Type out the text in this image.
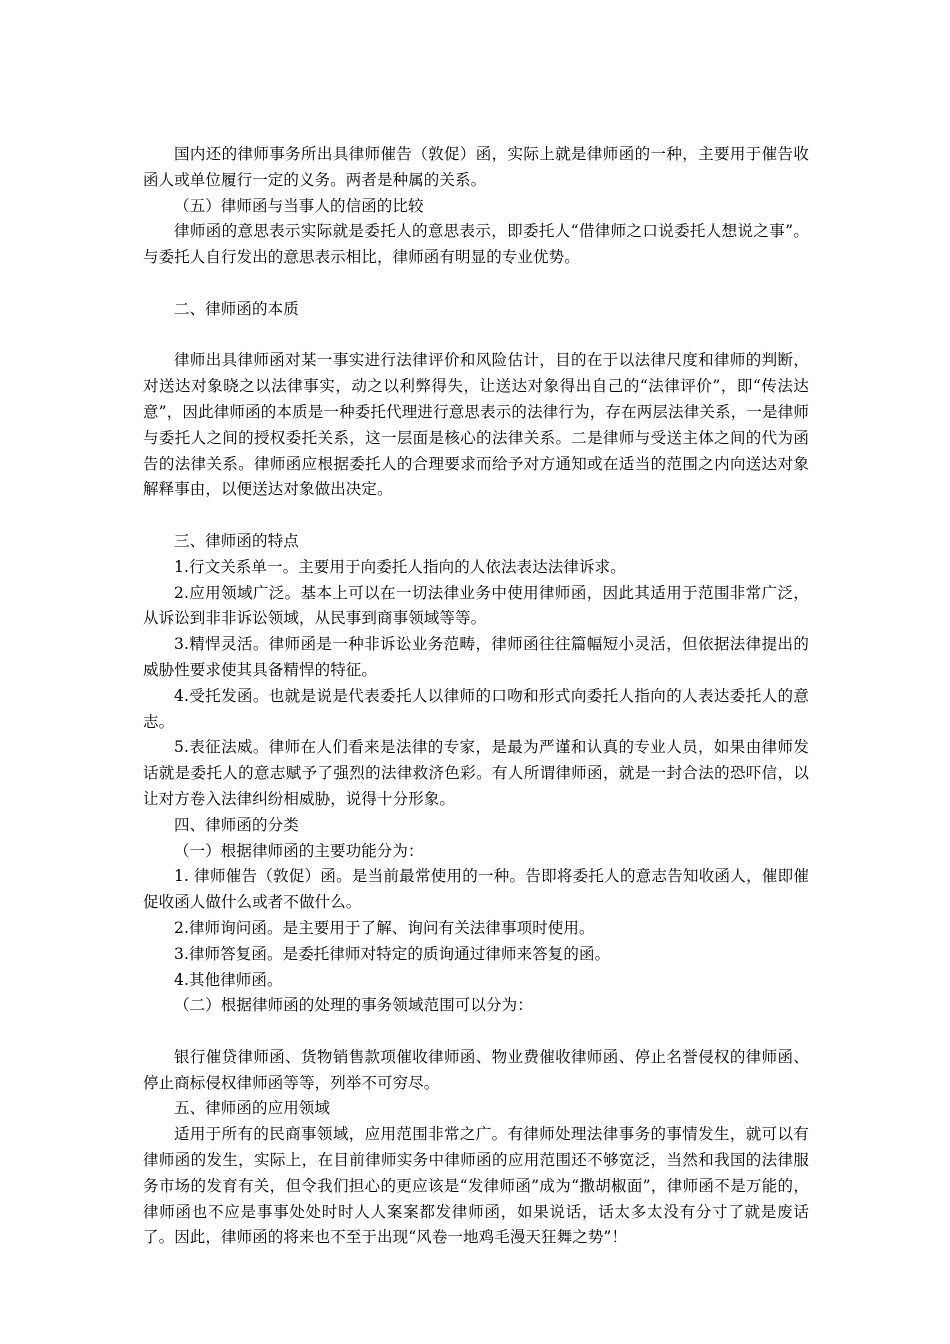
国内还的律师事务所出具律师催告（敦促）函，实际上就是律师函的一种，主要用于催告收函人或单位履行一定的义务。两者是种属的关系。

（五）律师函与当事人的信函的比较

律师函的意思表示实际就是委托人的意思表示，即委托人“借律师之口说委托人想说之事”。与委托人自行发出的意思表示相比，律师函有明显的专业优势。

二、律师函的本质

律师出具律师函对某一事实进行法律评价和风险估计，目的在于以法律尺度和律师的判断，对送达对象晓之以法律事实，动之以利弊得失，让送达对象得出自己的“法律评价”，即“传法达意”，因此律师函的本质是一种委托代理进行意思表示的法律行为，存在两层法律关系，一是律师与委托人之间的授权委托关系，这一层面是核心的法律关系。二是律师与受送主体之间的代为函告的法律关系。律师函应根据委托人的合理要求而给予对方通知或在适当的范围之内向送达对象解释事由，以便送达对象做出决定。

三、律师函的特点

1.行文关系单一。主要用于向委托人指向的人依法表达法律诉求。

2.应用领域广泛。基本上可以在一切法律业务中使用律师函，因此其适用于范围非常广泛，从诉讼到非非诉讼领域，从民事到商事领域等等。

3.精悍灵活。律师函是一种非诉讼业务范畴，律师函往往篇幅短小灵活，但依据法律提出的威胁性要求使其具备精悍的特征。

4.受托发函。也就是说是代表委托人以律师的口吻和形式向委托人指向的人表达委托人的意志。

5.表征法威。律师在人们看来是法律的专家，是最为严谨和认真的专业人员，如果由律师发话就是委托人的意志赋予了强烈的法律救济色彩。有人所谓律师函，就是一封合法的恐吓信，以让对方卷入法律纠纷相威胁，说得十分形象。

四、律师函的分类

（一）根据律师函的主要功能分为：

1. 律师催告（敦促）函。是当前最常使用的一种。告即将委托人的意志告知收函人，催即催促收函人做什么或者不做什么。

2.律师询问函。是主要用于了解、询问有关法律事项时使用。

3.律师答复函。是委托律师对特定的质询通过律师来答复的函。

4.其他律师函。

（二）根据律师函的处理的事务领域范围可以分为：

银行催贷律师函、货物销售款项催收律师函、物业费催收律师函、停止名誉侵权的律师函、停止商标侵权律师函等等，列举不可穷尽。

五、律师函的应用领域

适用于所有的民商事领域，应用范围非常之广。有律师处理法律事务的事情发生，就可以有律师函的发生，实际上，在目前律师实务中律师函的应用范围还不够宽泛，当然和我国的法律服务市场的发育有关，但令我们担心的更应该是“发律师函”成为“撒胡椒面”，律师函不是万能的，律师函也不应是事事处处时时人人案案都发律师函，如果说话，话太多太没有分寸了就是废话了。因此，律师函的将来也不至于出现“风卷一地鸡毛漫天狂舞之势”！
